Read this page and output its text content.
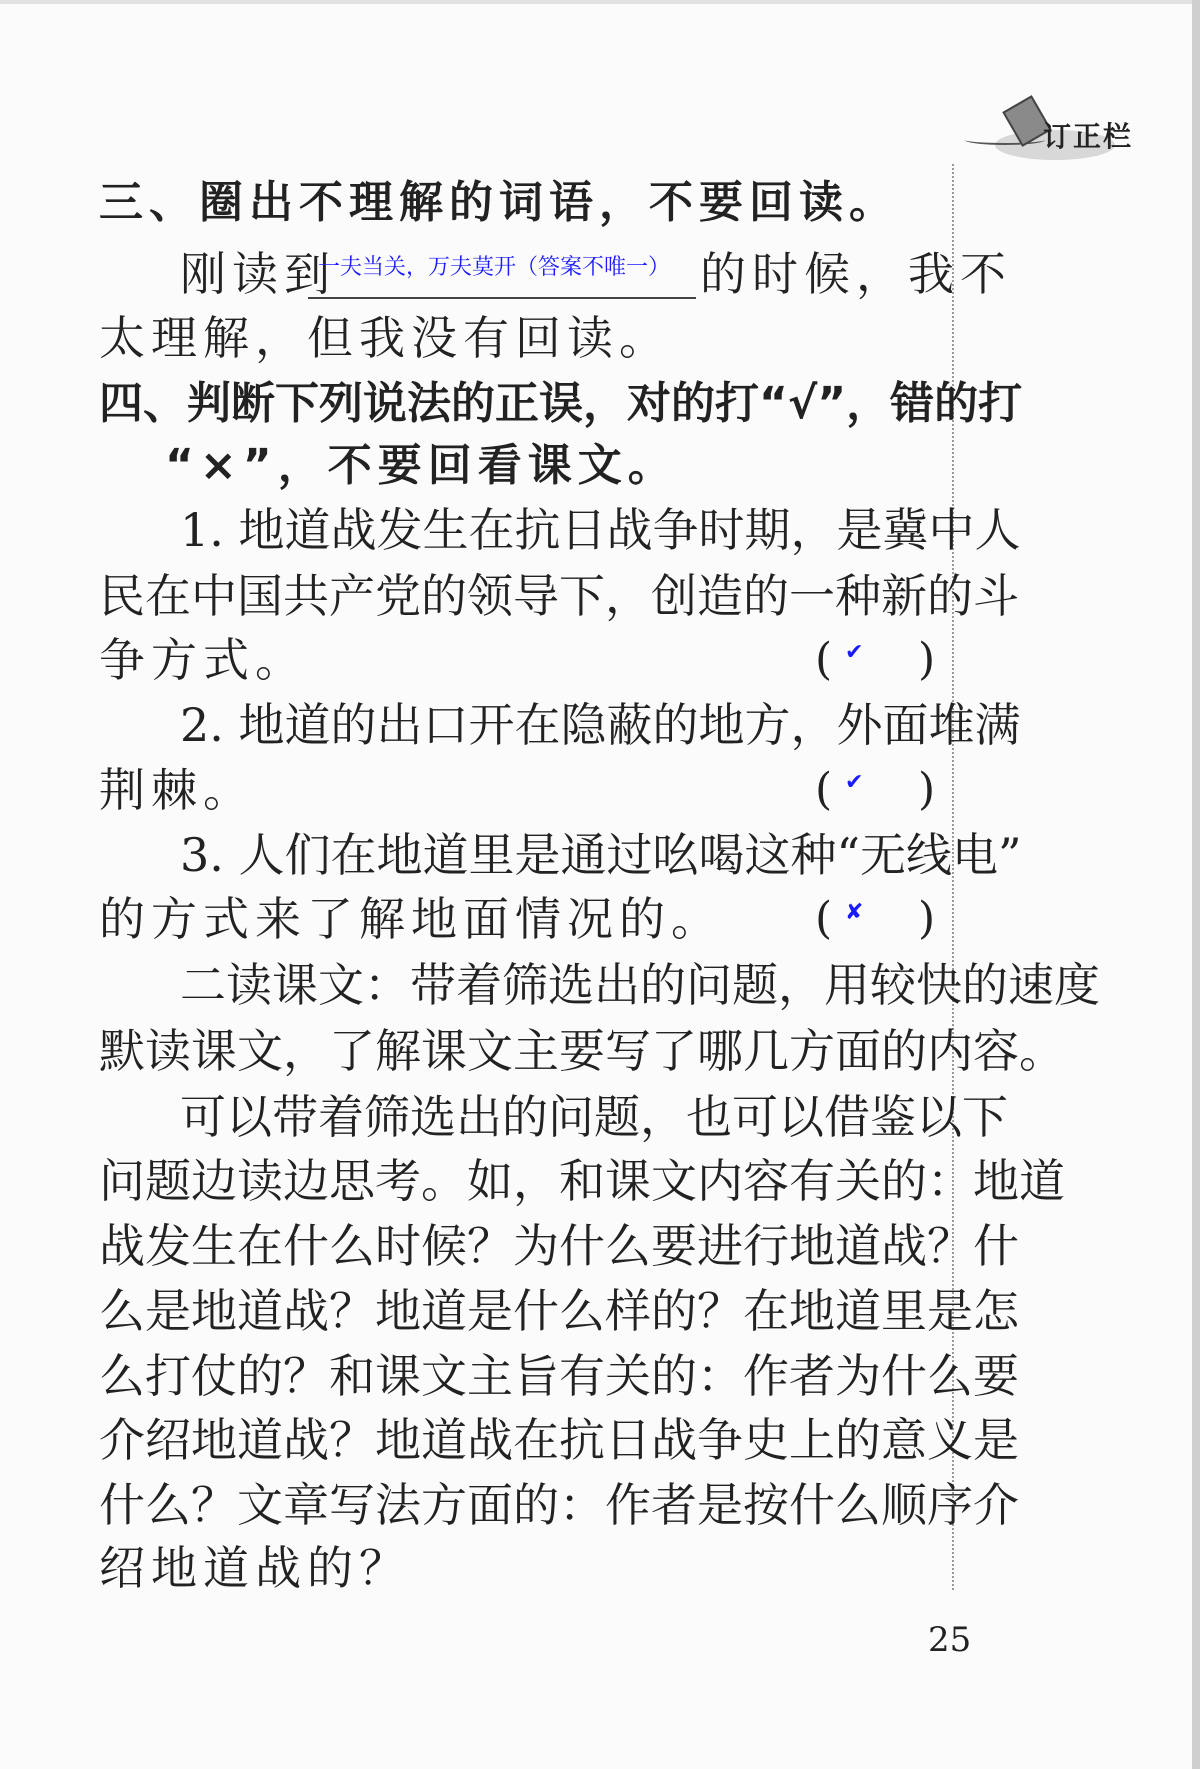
订正栏
三、圈出不理解的词语，不要回读。
刚读到
一夫当关，万夫莫开（答案不唯一） 的时候，我不
太理解，但我没有回读。
四、判断下列说法的正误，对的打“√”，错的打
“×”，不要回看课文。
1. 地道战发生在抗日战争时期，是冀中人
民在中国共产党的领导下，创造的一种新的斗
争方式。	( ✔ )
2. 地道的出口开在隐蔽的地方，外面堆满
荆棘。	( ✔ )
3. 人们在地道里是通过吆喝这种“无线电”
的方式来了解地面情况的。 ( ✘ )
二读课文：带着筛选出的问题，用较快的速度
默读课文，了解课文主要写了哪几方面的内容。
可以带着筛选出的问题，也可以借鉴以下
问题边读边思考。如，和课文内容有关的：地道
战发生在什么时候？为什么要进行地道战？什
么是地道战？地道是什么样的？在地道里是怎
么打仗的？和课文主旨有关的：作者为什么要
介绍地道战？地道战在抗日战争史上的意义是
什么？文章写法方面的：作者是按什么顺序介
绍地道战的？
25
